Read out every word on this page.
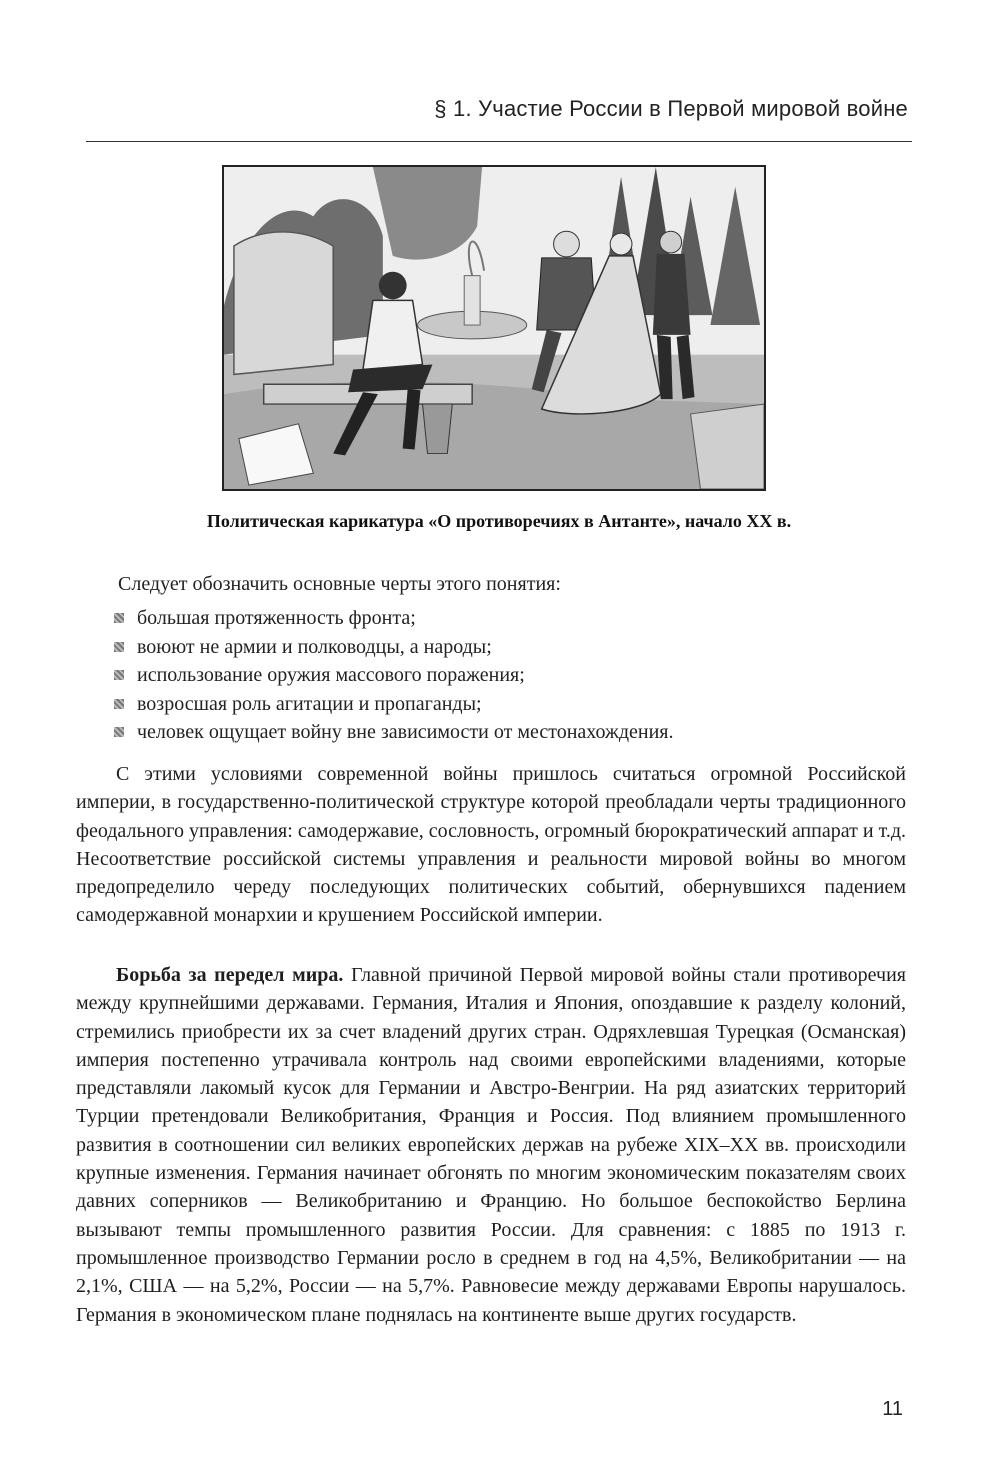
§ 1. Участие России в Первой мировой войне
Политическая карикатура «О противоречиях в Антанте», начало XX в.
Следует обозначить основные черты этого понятия:
большая протяженность фронта;
воюют не армии и полководцы, а народы;
использование оружия массового поражения;
возросшая роль агитации и пропаганды;
человек ощущает войну вне зависимости от местонахождения.

С этими условиями современной войны пришлось считаться огромной Российской империи, в государственно-политической структуре которой преобладали черты традиционного феодального управления: самодержавие, сословность, огромный бюрократический аппарат и т.д. Несоответствие российской системы управления и реальности мировой войны во многом предопределило череду последующих политических событий, обернувшихся падением самодержавной монархии и крушением Российской империи.

Борьба за передел мира. Главной причиной Первой мировой войны стали противоречия между крупнейшими державами. Германия, Италия и Япония, опоздавшие к разделу колоний, стремились приобрести их за счет владений других стран. Одряхлевшая Турецкая (Османская) империя постепенно утрачивала контроль над своими европейскими владениями, которые представляли лакомый кусок для Германии и Австро-Венгрии. На ряд азиатских территорий Турции претендовали Великобритания, Франция и Россия. Под влиянием промышленного развития в соотношении сил великих европейских держав на рубеже XIX–XX вв. происходили крупные изменения. Германия начинает обгонять по многим экономическим показателям своих давних соперников — Великобританию и Францию. Но большое беспокойство Берлина вызывают темпы промышленного развития России. Для сравнения: с 1885 по 1913 г. промышленное производство Германии росло в среднем в год на 4,5%, Великобритании — на 2,1%, США — на 5,2%, России — на 5,7%. Равновесие между державами Европы нарушалось. Германия в экономическом плане поднялась на континенте выше других государств.

11
